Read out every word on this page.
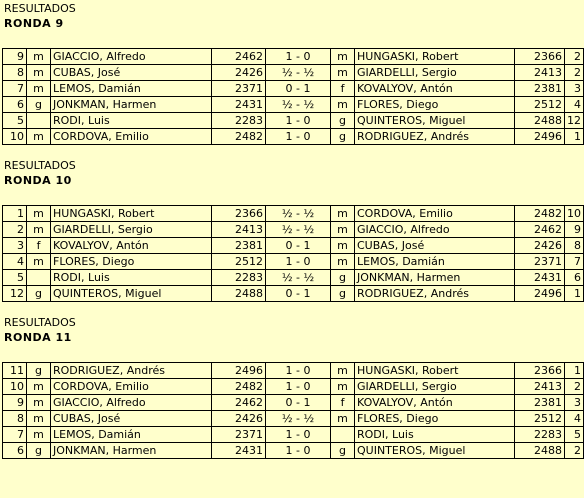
RESULTADOS
RONDA 9
9	m	GIACCIO, Alfredo	2462	1 - 0	m	HUNGASKI, Robert	2366	2
8	m	CUBAS, José	2426	½ - ½	m	GIARDELLI, Sergio	2413	2
7	m	LEMOS, Damián	2371	0 - 1	f	KOVALYOV, Antón	2381	3
6	g	JONKMAN, Harmen	2431	½ - ½	m	FLORES, Diego	2512	4
5		RODI, Luis	2283	1 - 0	g	QUINTEROS, Miguel	2488	12
10	m	CORDOVA, Emilio	2482	1 - 0	g	RODRIGUEZ, Andrés	2496	1
RESULTADOS
RONDA 10
1	m	HUNGASKI, Robert	2366	½ - ½	m	CORDOVA, Emilio	2482	10
2	m	GIARDELLI, Sergio	2413	½ - ½	m	GIACCIO, Alfredo	2462	9
3	f	KOVALYOV, Antón	2381	0 - 1	m	CUBAS, José	2426	8
4	m	FLORES, Diego	2512	1 - 0	m	LEMOS, Damián	2371	7
5		RODI, Luis	2283	½ - ½	g	JONKMAN, Harmen	2431	6
12	g	QUINTEROS, Miguel	2488	0 - 1	g	RODRIGUEZ, Andrés	2496	1
RESULTADOS
RONDA 11
11	g	RODRIGUEZ, Andrés	2496	1 - 0	m	HUNGASKI, Robert	2366	1
10	m	CORDOVA, Emilio	2482	1 - 0	m	GIARDELLI, Sergio	2413	2
9	m	GIACCIO, Alfredo	2462	0 - 1	f	KOVALYOV, Antón	2381	3
8	m	CUBAS, José	2426	½ - ½	m	FLORES, Diego	2512	4
7	m	LEMOS, Damián	2371	1 - 0		RODI, Luis	2283	5
6	g	JONKMAN, Harmen	2431	1 - 0	g	QUINTEROS, Miguel	2488	2
